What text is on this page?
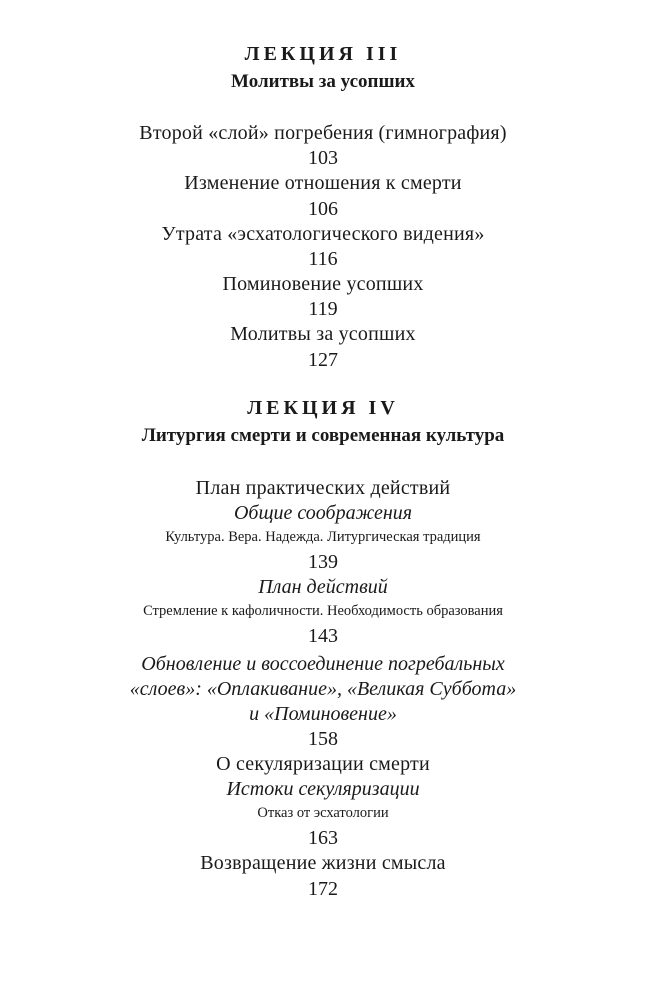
ЛЕКЦИЯ III
Молитвы за усопших
Второй «слой» погребения (гимнография)
103
Изменение отношения к смерти
106
Утрата «эсхатологического видения»
116
Поминовение усопших
119
Молитвы за усопших
127
ЛЕКЦИЯ IV
Литургия смерти и современная культура
План практических действий
Общие соображения
Культура. Вера. Надежда. Литургическая традиция
139
План действий
Стремление к кафоличности. Необходимость образования
143
Обновление и воссоединение погребальных
«слоев»: «Оплакивание», «Великая Суббота»
и «Поминовение»
158
О секуляризации смерти
Истоки секуляризации
Отказ от эсхатологии
163
Возвращение жизни смысла
172
